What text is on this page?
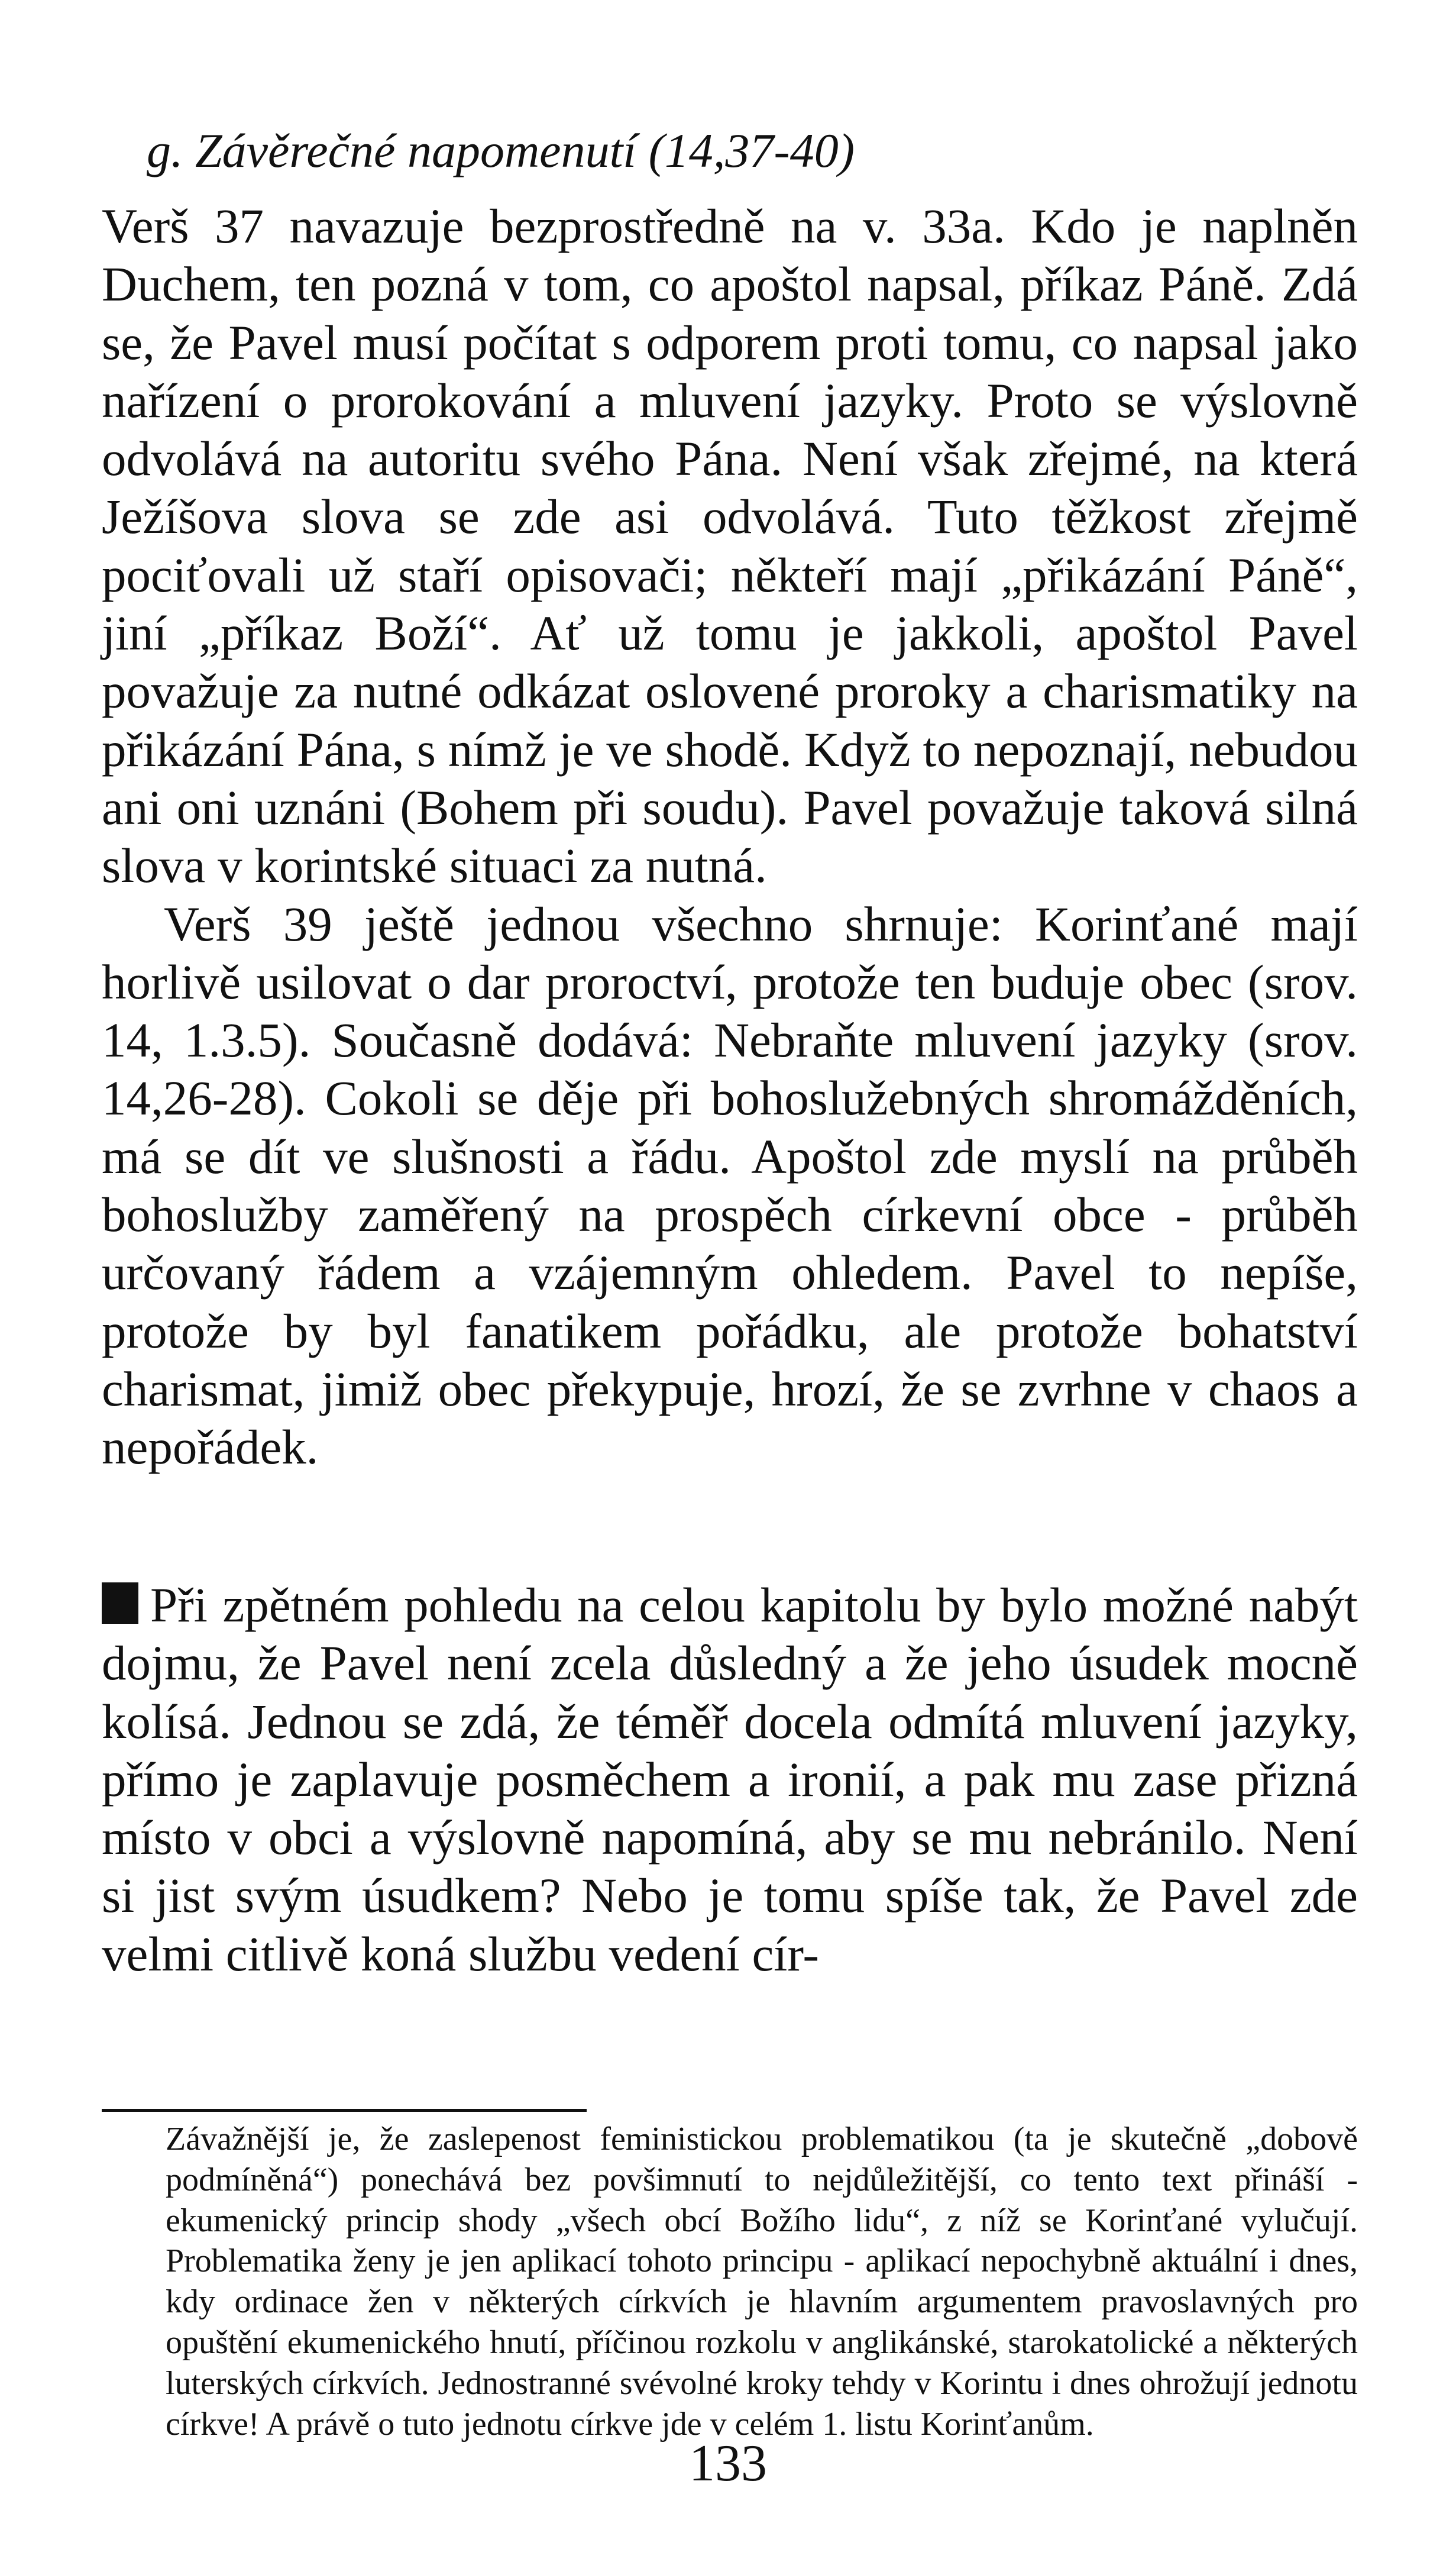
g. Závěrečné napomenutí (14,37-40)

Verš 37 navazuje bezprostředně na v. 33a. Kdo je naplněn Duchem, ten pozná v tom, co apoštol napsal, příkaz Páně. Zdá se, že Pavel musí počítat s odporem proti tomu, co napsal jako nařízení o prorokování a mluvení jazyky. Proto se výslovně odvolává na autoritu svého Pána. Není však zřejmé, na která Ježíšova slova se zde asi odvolává. Tuto těžkost zřejmě pociťovali už staří opisovači; někteří mají „přikázání Páně“, jiní „příkaz Boží“. Ať už tomu je jakkoli, apoštol Pavel považuje za nutné odkázat oslovené proroky a charismatiky na přikázání Pána, s nímž je ve shodě. Když to nepoznají, nebudou ani oni uznáni (Bohem při soudu). Pavel považuje taková silná slova v korintské situaci za nutná.

Verš 39 ještě jednou všechno shrnuje: Korinťané mají horlivě usilovat o dar proroctví, protože ten buduje obec (srov. 14, 1.3.5). Současně dodává: Nebraňte mluvení jazyky (srov. 14,26-28). Cokoli se děje při bohoslužebných shromážděních, má se dít ve slušnosti a řádu. Apoštol zde myslí na průběh bohoslužby zaměřený na prospěch církevní obce - průběh určovaný řádem a vzájemným ohledem. Pavel to nepíše, protože by byl fanatikem pořádku, ale protože bohatství charismat, jimiž obec překypuje, hrozí, že se zvrhne v chaos a nepořádek.

Při zpětném pohledu na celou kapitolu by bylo možné nabýt dojmu, že Pavel není zcela důsledný a že jeho úsudek mocně kolísá. Jednou se zdá, že téměř docela odmítá mluvení jazyky, přímo je zaplavuje posměchem a ironií, a pak mu zase přizná místo v obci a výslovně napomíná, aby se mu nebránilo. Není si jist svým úsudkem? Nebo je tomu spíše tak, že Pavel zde velmi citlivě koná službu vedení cír-

Závažnější je, že zaslepenost feministickou problematikou (ta je skutečně „dobově podmíněná“) ponechává bez povšimnutí to nejdůležitější, co tento text přináší - ekumenický princip shody „všech obcí Božího lidu“, z níž se Korinťané vylučují. Problematika ženy je jen aplikací tohoto principu - aplikací nepochybně aktuální i dnes, kdy ordinace žen v některých církvích je hlavním argumentem pravoslavných pro opuštění ekumenického hnutí, příčinou rozkolu v anglikánské, starokatolické a některých luterských církvích. Jednostranné svévolné kroky tehdy v Korintu i dnes ohrožují jednotu církve! A právě o tuto jednotu církve jde v celém 1. listu Korinťanům.

133
